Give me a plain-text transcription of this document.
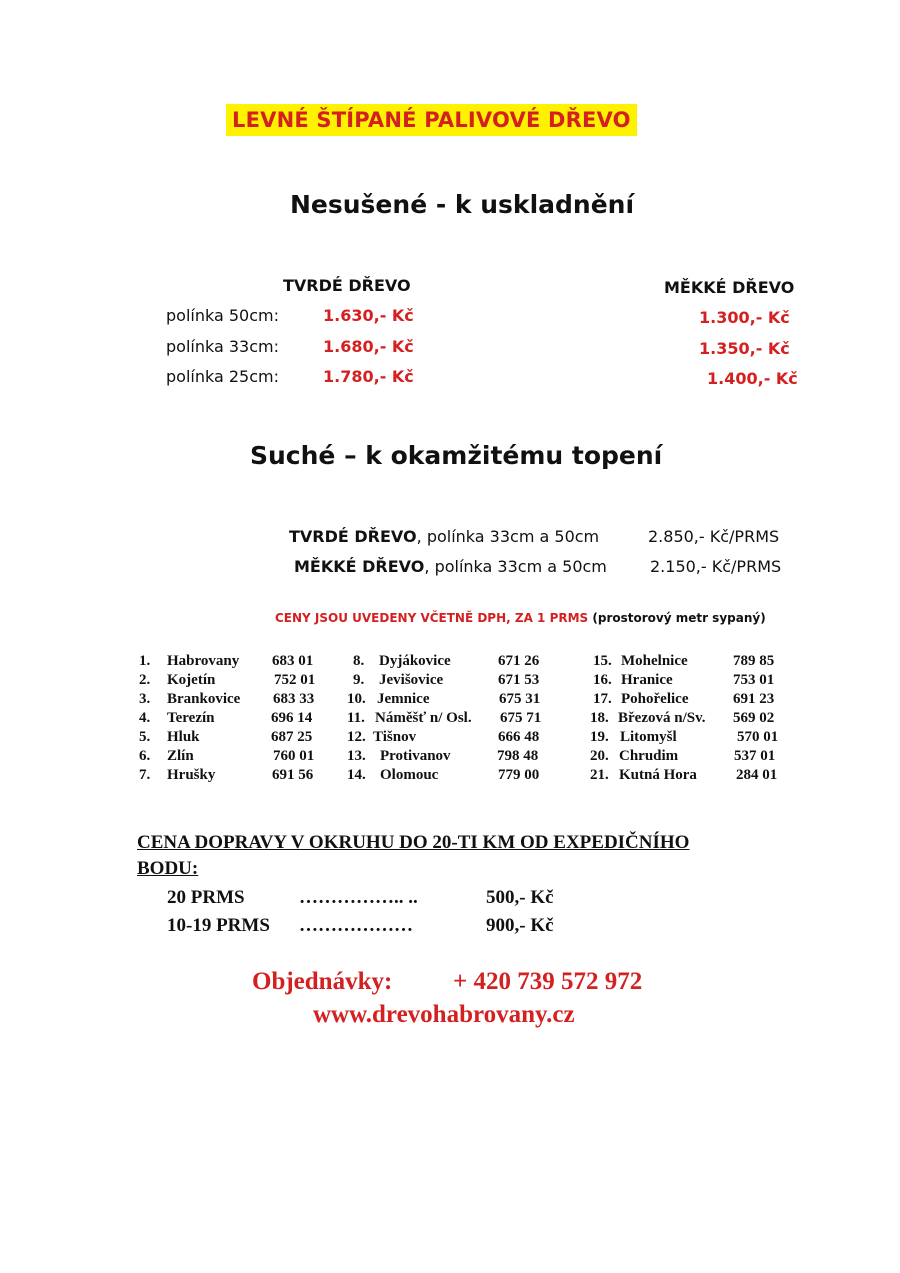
LEVNÉ ŠTÍPANÉ PALIVOVÉ DŘEVO
Nesušené - k uskladnění
TVRDÉ DŘEVO	MĚKKÉ DŘEVO
polínka 50cm:	1.630,- Kč	1.300,- Kč
polínka 33cm:	1.680,- Kč	1.350,- Kč
polínka 25cm:	1.780,- Kč	1.400,- Kč
Suché – k okamžitému topení
TVRDÉ DŘEVO, polínka 33cm a 50cm	2.850,- Kč/PRMS
MĚKKÉ DŘEVO, polínka 33cm a 50cm	2.150,- Kč/PRMS
CENY JSOU UVEDENY VČETNĚ DPH, ZA 1 PRMS (prostorový metr sypaný)
1. Habrovany 683 01
2. Kojetín	752 01
3. Brankovice 683 33
4. Terezín	696 14
5. Hluk	687 25
6. Zlín	760 01
7. Hrušky	691 56
8. Dyjákovice	671 26
9. Jevišovice	671 53
10. Jemnice	675 31
11. Náměšť n/ Osl. 675 71
12. Tišnov	666 48
13. Protivanov	798 48
14. Olomouc	779 00
15. Mohelnice	789 85
16. Hranice	753 01
17. Pohořelice	691 23
18. Březová n/Sv. 569 02
19. Litomyšl	570 01
20. Chrudim	537 01
21. Kutná Hora	284 01
CENA DOPRAVY V OKRUHU DO 20-TI KM OD EXPEDIČNÍHO
BODU:
20 PRMS	…………….. ..	500,- Kč
10-19 PRMS ………………	900,- Kč
Objednávky: + 420 739 572 972
www.drevohabrovany.cz
